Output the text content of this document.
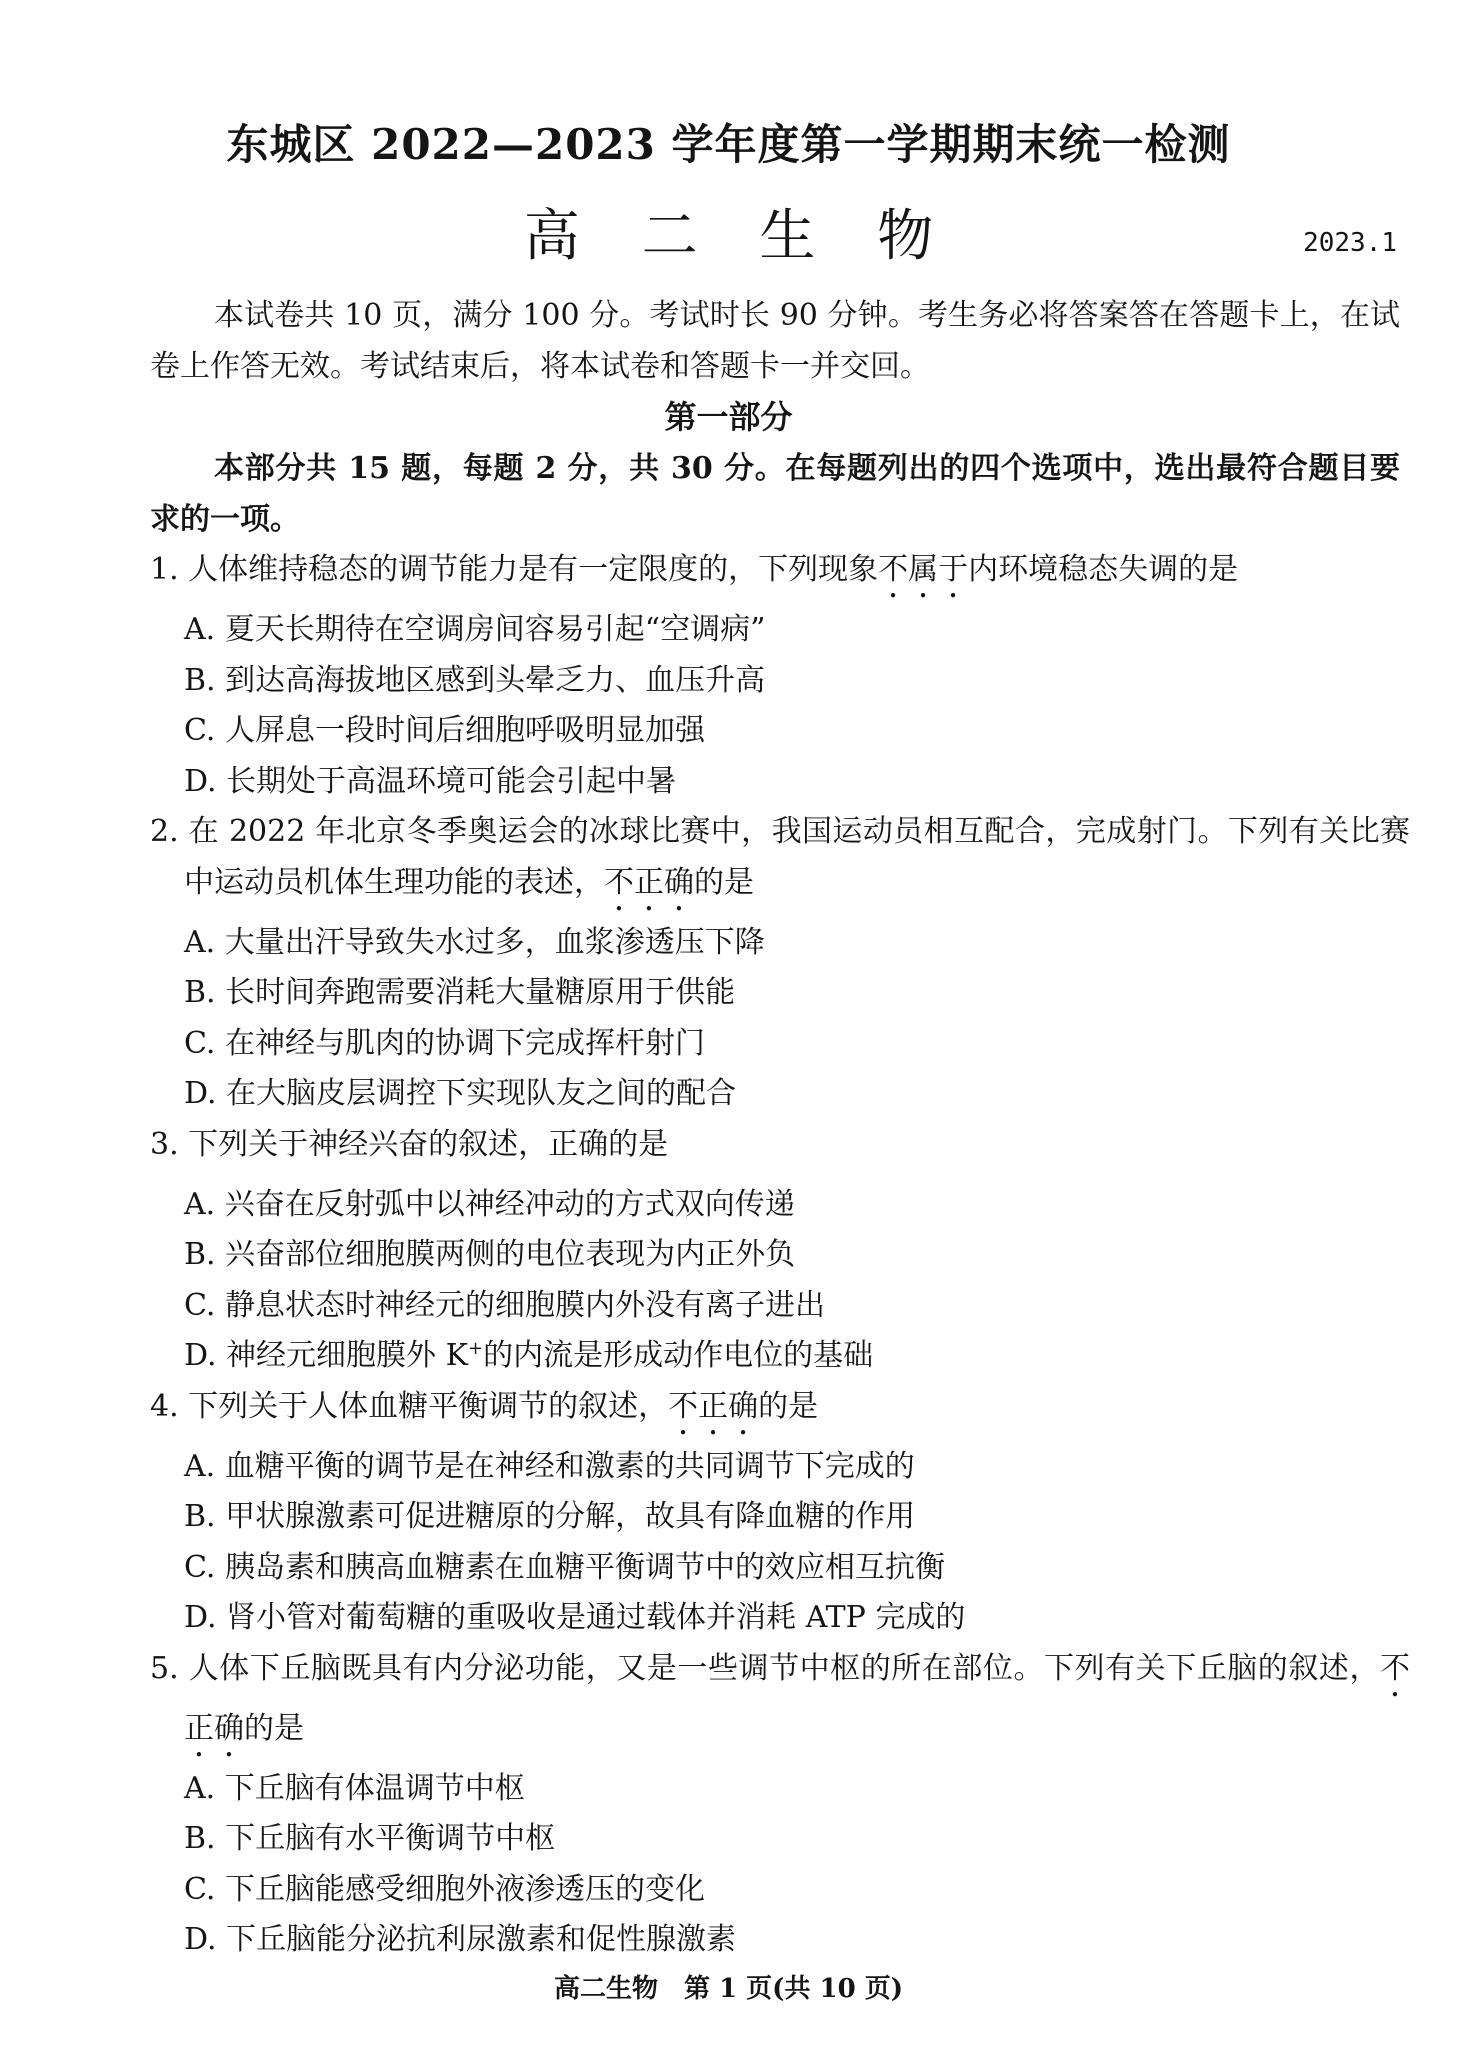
东城区 2022—2023 学年度第一学期期末统一检测
高 二 生 物	2023.1
本试卷共 10 页，满分 100 分。考试时长 90 分钟。考生务必将答案答在答题卡上，在试卷上作答无效。考试结束后，将本试卷和答题卡一并交回。
第一部分
本部分共 15 题，每题 2 分，共 30 分。在每题列出的四个选项中，选出最符合题目要求的一项。
1. 人体维持稳态的调节能力是有一定限度的，下列现象不属于内环境稳态失调的是
A. 夏天长期待在空调房间容易引起“空调病”
B. 到达高海拔地区感到头晕乏力、血压升高
C. 人屏息一段时间后细胞呼吸明显加强
D. 长期处于高温环境可能会引起中暑
2. 在 2022 年北京冬季奥运会的冰球比赛中，我国运动员相互配合，完成射门。下列有关比赛中运动员机体生理功能的表述，不正确的是
A. 大量出汗导致失水过多，血浆渗透压下降
B. 长时间奔跑需要消耗大量糖原用于供能
C. 在神经与肌肉的协调下完成挥杆射门
D. 在大脑皮层调控下实现队友之间的配合
3. 下列关于神经兴奋的叙述，正确的是
A. 兴奋在反射弧中以神经冲动的方式双向传递
B. 兴奋部位细胞膜两侧的电位表现为内正外负
C. 静息状态时神经元的细胞膜内外没有离子进出
D. 神经元细胞膜外 K+的内流是形成动作电位的基础
4. 下列关于人体血糖平衡调节的叙述，不正确的是
A. 血糖平衡的调节是在神经和激素的共同调节下完成的
B. 甲状腺激素可促进糖原的分解，故具有降血糖的作用
C. 胰岛素和胰高血糖素在血糖平衡调节中的效应相互抗衡
D. 肾小管对葡萄糖的重吸收是通过载体并消耗 ATP 完成的
5. 人体下丘脑既具有内分泌功能，又是一些调节中枢的所在部位。下列有关下丘脑的叙述，不正确的是
A. 下丘脑有体温调节中枢
B. 下丘脑有水平衡调节中枢
C. 下丘脑能感受细胞外液渗透压的变化
D. 下丘脑能分泌抗利尿激素和促性腺激素
高二生物　第 1 页(共 10 页)
